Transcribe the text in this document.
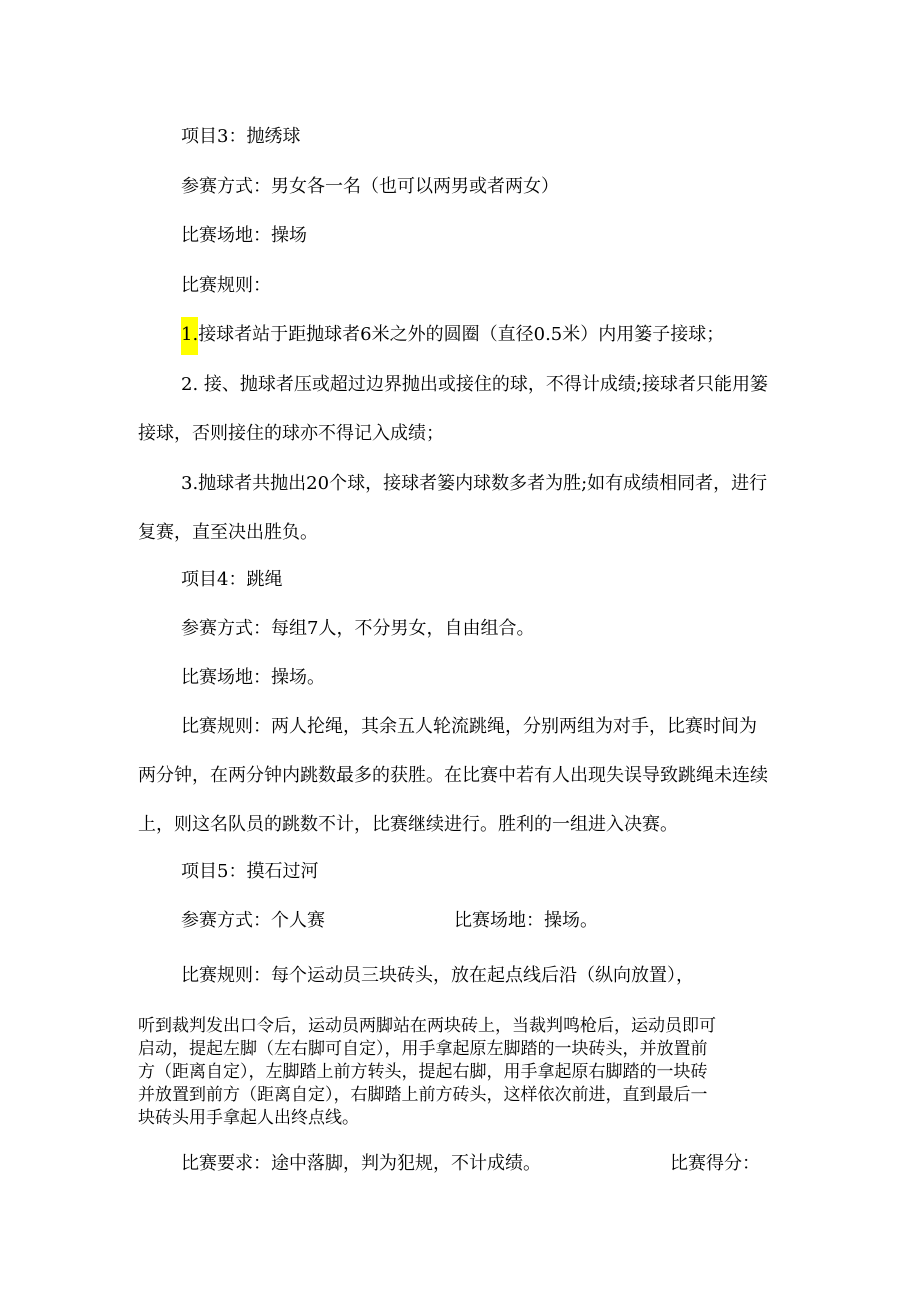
项目3：抛绣球

参赛方式：男女各一名（也可以两男或者两女）

比赛场地：操场

比赛规则：

1.接球者站于距抛球者6米之外的圆圈（直径0.5米）内用篓子接球；

2. 接、抛球者压或超过边界抛出或接住的球，不得计成绩;接球者只能用篓

接球，否则接住的球亦不得记入成绩；

3.抛球者共抛出20个球，接球者篓内球数多者为胜;如有成绩相同者，进行

复赛，直至决出胜负。

项目4：跳绳

参赛方式：每组7人，不分男女，自由组合。

比赛场地：操场。

比赛规则：两人抡绳，其余五人轮流跳绳，分别两组为对手，比赛时间为

两分钟，在两分钟内跳数最多的获胜。在比赛中若有人出现失误导致跳绳未连续

上，则这名队员的跳数不计，比赛继续进行。胜利的一组进入决赛。

项目5：摸石过河

参赛方式：个人赛	比赛场地：操场。

比赛规则：每个运动员三块砖头，放在起点线后沿（纵向放置），

听到裁判发出口令后，运动员两脚站在两块砖上，当裁判鸣枪后，运动员即可

启动，提起左脚（左右脚可自定），用手拿起原左脚踏的一块砖头，并放置前

方（距离自定），左脚踏上前方转头，提起右脚，用手拿起原右脚踏的一块砖

并放置到前方（距离自定），右脚踏上前方砖头，这样依次前进，直到最后一

块砖头用手拿起人出终点线。

比赛要求：途中落脚，判为犯规，不计成绩。	比赛得分：
